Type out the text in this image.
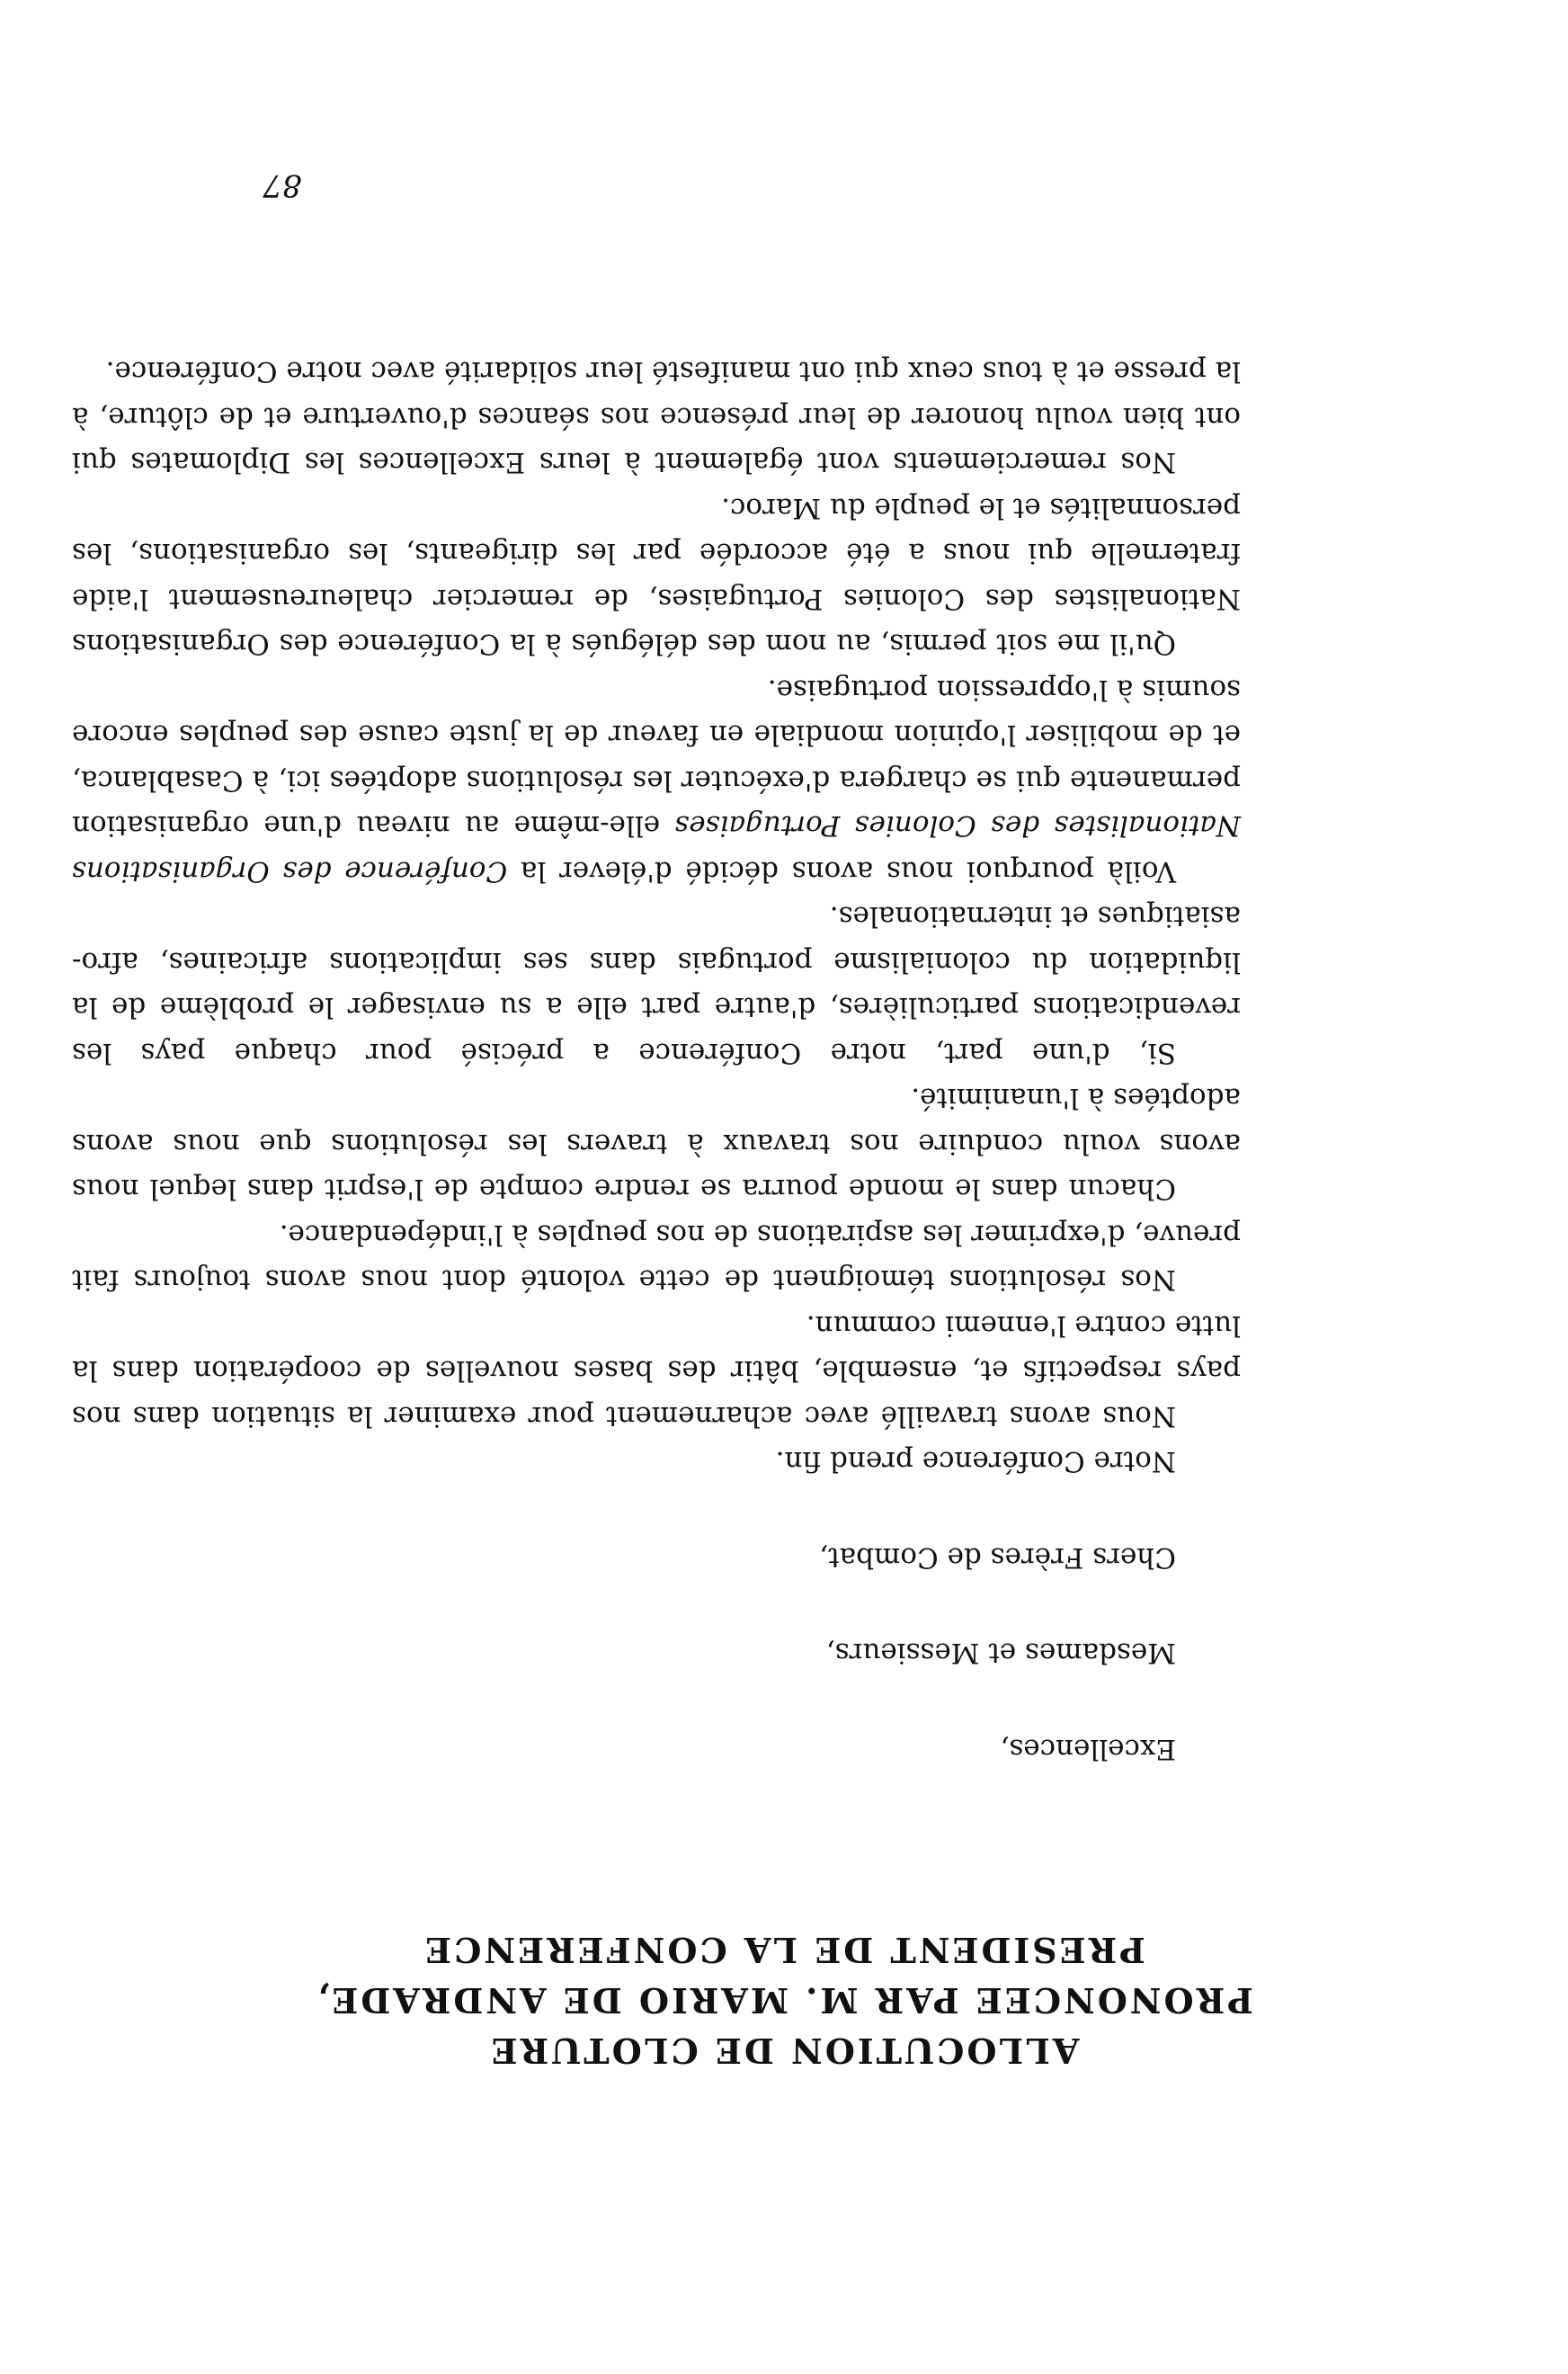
ALLOCUTION DE CLOTURE
PRONONCEE PAR M. MARIO DE ANDRADE,
PRESIDENT DE LA CONFERENCE

Excellences,

Mesdames et Messieurs,

Chers Frères de Combat,

Notre Conférence prend fin.

Nous avons travaillé avec acharnement pour examiner la situation dans nos pays respectifs et, ensemble, bâtir des bases nouvelles de coopération dans la lutte contre l'ennemi commun.

Nos résolutions témoignent de cette volonté dont nous avons toujours fait preuve, d'exprimer les aspirations de nos peuples à l'indépendance.

Chacun dans le monde pourra se rendre compte de l'esprit dans lequel nous avons voulu conduire nos travaux à travers les résolutions que nous avons adoptées à l'unanimité.

Si, d'une part, notre Conférence a précisé pour chaque pays les revendications particulières, d'autre part elle a su envisager le problème de la liquidation du colonialisme portugais dans ses implications africaines, afro-asiatiques et internationales.

Voilà pourquoi nous avons décidé d'élever la Conférence des Organisations Nationalistes des Colonies Portugaises elle-même au niveau d'une organisation permanente qui se chargera d'exécuter les résolutions adoptées ici, à Casablanca, et de mobiliser l'opinion mondiale en faveur de la juste cause des peuples encore soumis à l'oppression portugaise.

Qu'il me soit permis, au nom des délégués à la Conférence des Organisations Nationalistes des Colonies Portugaises, de remercier chaleureusement l'aide fraternelle qui nous a été accordée par les dirigeants, les organisations, les personnalités et le peuple du Maroc.

Nos remerciements vont également à leurs Excellences les Diplomates qui ont bien voulu honorer de leur présence nos séances d'ouverture et de clôture, à la presse et à tous ceux qui ont manifesté leur solidarité avec notre Conférence.

87
